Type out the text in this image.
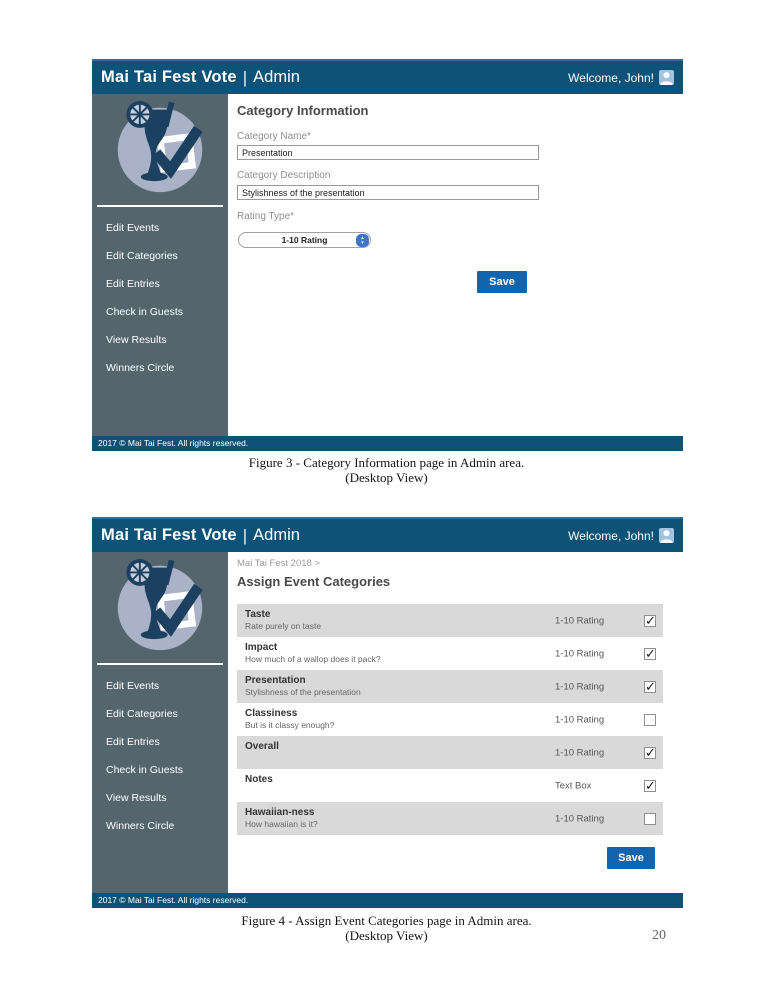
Mai Tai Fest Vote | Admin	Welcome, John!
Edit Events
Edit Categories
Edit Entries
Check in Guests
View Results
Winners Circle
Category Information
Category Name*
Presentation
Category Description
Stylishness of the presentation
Rating Type*
1-10 Rating	▲
▼
Save
2017 © Mai Tai Fest. All rights reserved.
Figure 3 - Category Information page in Admin area.
(Desktop View)
Mai Tai Fest Vote | Admin	Welcome, John!
Edit Events
Edit Categories
Edit Entries
Check in Guests
View Results
Winners Circle
Mai Tai Fest 2018 >
Assign Event Categories
Taste
Rate purely on taste	1-10 Rating	✓
Impact
How much of a wallop does it pack?	1-10 Rating	✓
Presentation
Stylishness of the presentation	1-10 Rating	✓
Classiness
But is it classy enough?	1-10 Rating
Overall
1-10 Rating	✓
Notes
Text Box	✓
Hawaiian-ness
How hawaiian is it?	1-10 Rating
Save
2017 © Mai Tai Fest. All rights reserved.
Figure 4 - Assign Event Categories page in Admin area.
(Desktop View)	20
